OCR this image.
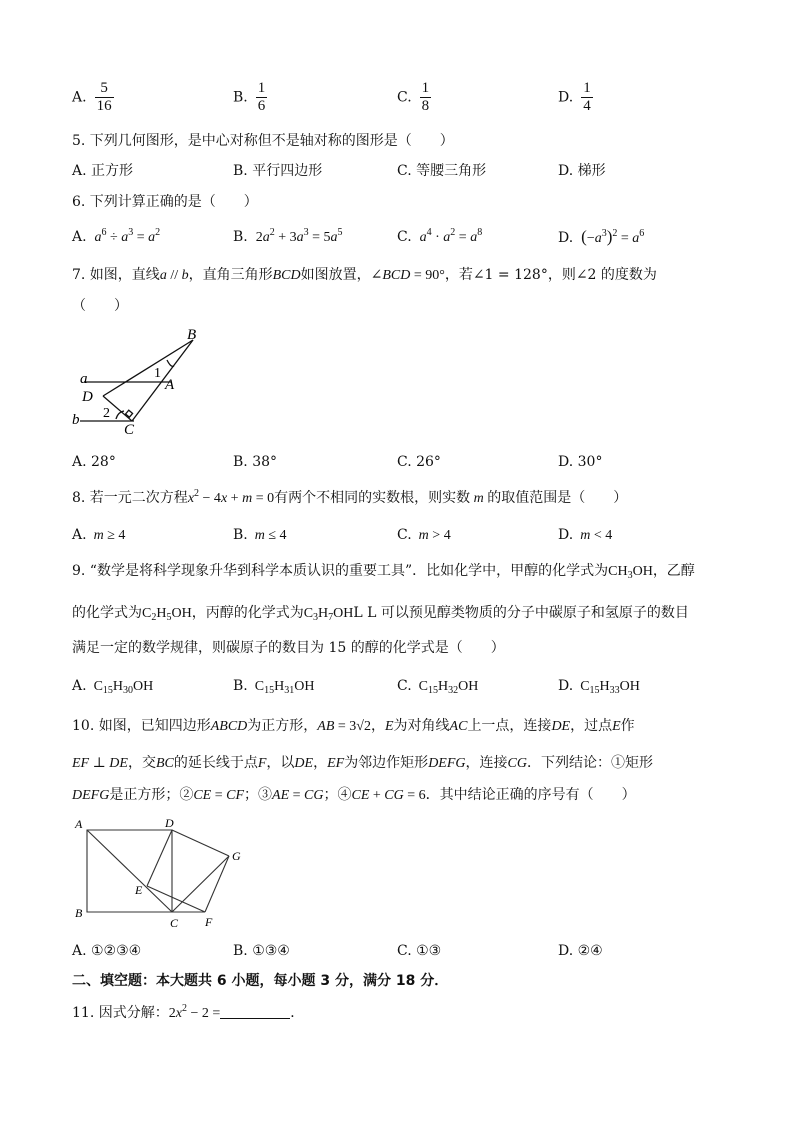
A. $\frac{5}{16}$	B. $\frac{1}{6}$	C. $\frac{1}{8}$	D. $\frac{1}{4}$
5. 下列几何图形，是中心对称但不是轴对称的图形是（　　）
A. 正方形	B. 平行四边形	C. 等腰三角形	D. 梯形
6. 下列计算正确的是（　　）
A.  $a^6 \div a^3 = a^2$	B. $2a^2 + 3a^3 = 5a^5$	C.  $a^4 \cdot a^2 = a^8$	D. $(-a^3)^2 = a^6$
7. 如图，直线a // b，直角三角形BCD如图放置，∠BCD = 90°，若∠1 = 128°，则∠2 的度数为
（　　）
a
b
B
A
D
C
1
2
A. 28°	B. 38°	C. 26°	D. 30°
8. 若一元二次方程$x^2 - 4x + m = 0$有两个不相同的实数根，则实数 m 的取值范围是（　　）
A.  m ≥ 4	B.  m ≤ 4	C.  m > 4	D.  m < 4
9. “数学是将科学现象升华到科学本质认识的重要工具”．比如化学中，甲醇的化学式为$CH_3OH$，乙醇
的化学式为$C_2H_5OH$，丙醇的化学式为$C_3H_7OHL$ L 可以预见醇类物质的分子中碳原子和氢原子的数目
满足一定的数学规律，则碳原子的数目为 15 的醇的化学式是（　　）
A.  $C_{15}H_{30}OH$	B.  $C_{15}H_{31}OH$	C.  $C_{15}H_{32}OH$	D.  $C_{15}H_{33}OH$
10. 如图，已知四边形ABCD为正方形，AB = 3√2，E为对角线AC上一点，连接DE，过点E作
EF ⊥ DE，交BC的延长线于点F，以DE，EF为邻边作矩形DEFG，连接CG．下列结论：①矩形
DEFG是正方形；②CE = CF；③AE = CG；④CE + CG = 6．其中结论正确的序号有（　　）
A
B
D
G
E
C F
A. ①②③④	B. ①③④	C. ①③	D. ②④
二、填空题：本大题共 6 小题，每小题 3 分，满分 18 分．
11. 因式分解：$2x^2 - 2$ =	．
